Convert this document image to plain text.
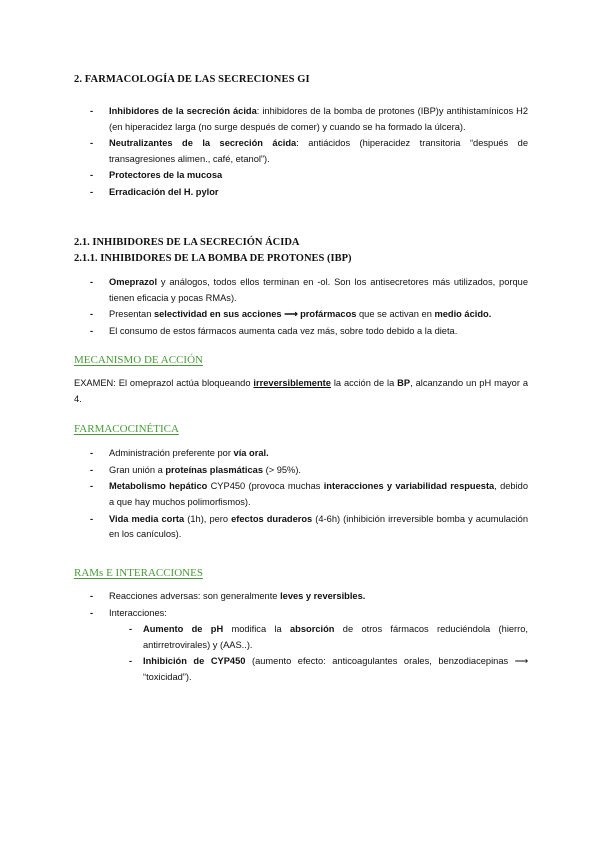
2. FARMACOLOGÍA DE LAS SECRECIONES GI
- Inhibidores de la secreción ácida: inhibidores de la bomba de protones (IBP)y antihistamínicos H2 (en hiperacidez larga (no surge después de comer) y cuando se ha formado la úlcera).
- Neutralizantes de la secreción ácida: antiácidos (hiperacidez transitoria “después de transagresiones alimen., café, etanol”).
- Protectores de la mucosa
- Erradicación del H. pylor
2.1. INHIBIDORES DE LA SECRECIÓN ÁCIDA
2.1.1. INHIBIDORES DE LA BOMBA DE PROTONES (IBP)
- Omeprazol y análogos, todos ellos terminan en -ol. Son los antisecretores más utilizados, porque tienen eficacia y pocas RMAs).
- Presentan selectividad en sus acciones ⟶ profármacos que se activan en medio ácido.
- El consumo de estos fármacos aumenta cada vez más, sobre todo debido a la dieta.
MECANISMO DE ACCIÓN
EXAMEN: El omeprazol actúa bloqueando irreversiblemente la acción de la BP, alcanzando un pH mayor a 4.
FARMACOCINÉTICA
- Administración preferente por vía oral.
- Gran unión a proteínas plasmáticas (> 95%).
- Metabolismo hepático CYP450 (provoca muchas interacciones y variabilidad respuesta, debido a que hay muchos polimorfismos).
- Vida media corta (1h), pero efectos duraderos (4-6h) (inhibición irreversible bomba y acumulación en los canículos).
RAMs E INTERACCIONES
- Reacciones adversas: son generalmente leves y reversibles.
- Interacciones:
- Aumento de pH modifica la absorción de otros fármacos reduciéndola (hierro, antirretrovirales) y (AAS..).
- Inhibición de CYP450 (aumento efecto: anticoagulantes orales, benzodiacepinas ⟶ “toxicidad”).
